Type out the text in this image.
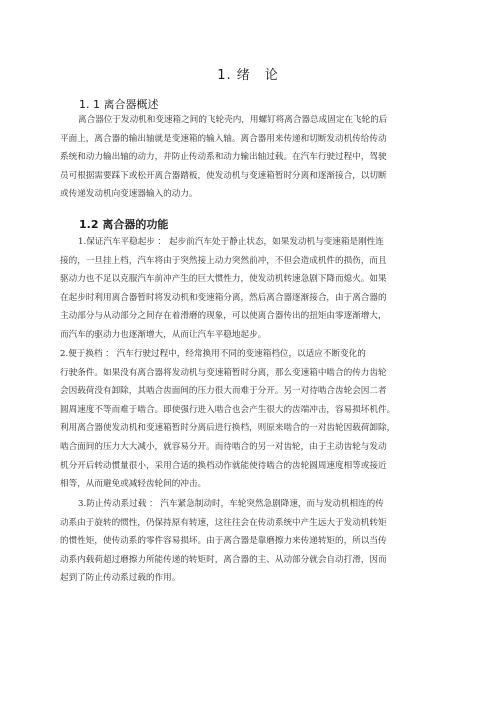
1. 绪　论
1. 1 离合器概述
离合器位于发动机和变速箱之间的飞轮壳内，用螺钉将离合器总成固定在飞轮的后
平面上，离合器的输出轴就是变速箱的输入轴。离合器用来传递和切断发动机传给传动
系统和动力输出轴的动力，并防止传动系和动力输出轴过载。在汽车行驶过程中，驾驶
员可根据需要踩下或松开离合器踏板，使发动机与变速箱暂时分离和逐渐接合，以切断
或传递发动机向变速器输入的动力。
1.2 离合器的功能
1.保证汽车平稳起步 ： 起步前汽车处于静止状态，如果发动机与变速箱是刚性连
接的，一旦挂上档，汽车将由于突然接上动力突然前冲，不但会造成机件的损伤，而且
驱动力也不足以克服汽车前冲产生的巨大惯性力，使发动机转速急剧下降而熄火。如果
在起步时利用离合器暂时将发动机和变速箱分离，然后离合器逐渐接合，由于离合器的
主动部分与从动部分之间存在着滑磨的现象，可以使离合器传出的扭矩由零逐渐增大，
而汽车的驱动力也逐渐增大，从而让汽车平稳地起步。
2.便于换档 ： 汽车行驶过程中，经常换用不同的变速箱档位，以适应不断变化的
行驶条件。如果没有离合器将发动机与变速箱暂时分离，那么变速箱中啮合的传力齿轮
会因载荷没有卸除，其啮合齿面间的压力很大而难于分开。另一对待啮合齿轮会因二者
圆周速度不等而难于啮合。即使强行进入啮合也会产生很大的齿端冲击，容易损坏机件。
利用离合器使发动机和变速箱暂时分离后进行换档，则原来啮合的一对齿轮因载荷卸除，
啮合面间的压力大大减小，就容易分开。而待啮合的另一对齿轮，由于主动齿轮与发动
机分开后转动惯量很小，采用合适的换档动作就能使待啮合的齿轮圆周速度相等或接近
相等，从而避免或减轻齿轮间的冲击。
3.防止传动系过载 ： 汽车紧急制动时，车轮突然急剧降速，而与发动机相连的传
动系由于旋转的惯性，仍保持原有转速，这往往会在传动系统中产生远大于发动机转矩
的惯性矩，使传动系的零件容易损坏。由于离合器是靠磨擦力来传递转矩的，所以当传
动系内载荷超过磨擦力所能传递的转矩时，离合器的主、从动部分就会自动打滑，因而
起到了防止传动系过载的作用。
